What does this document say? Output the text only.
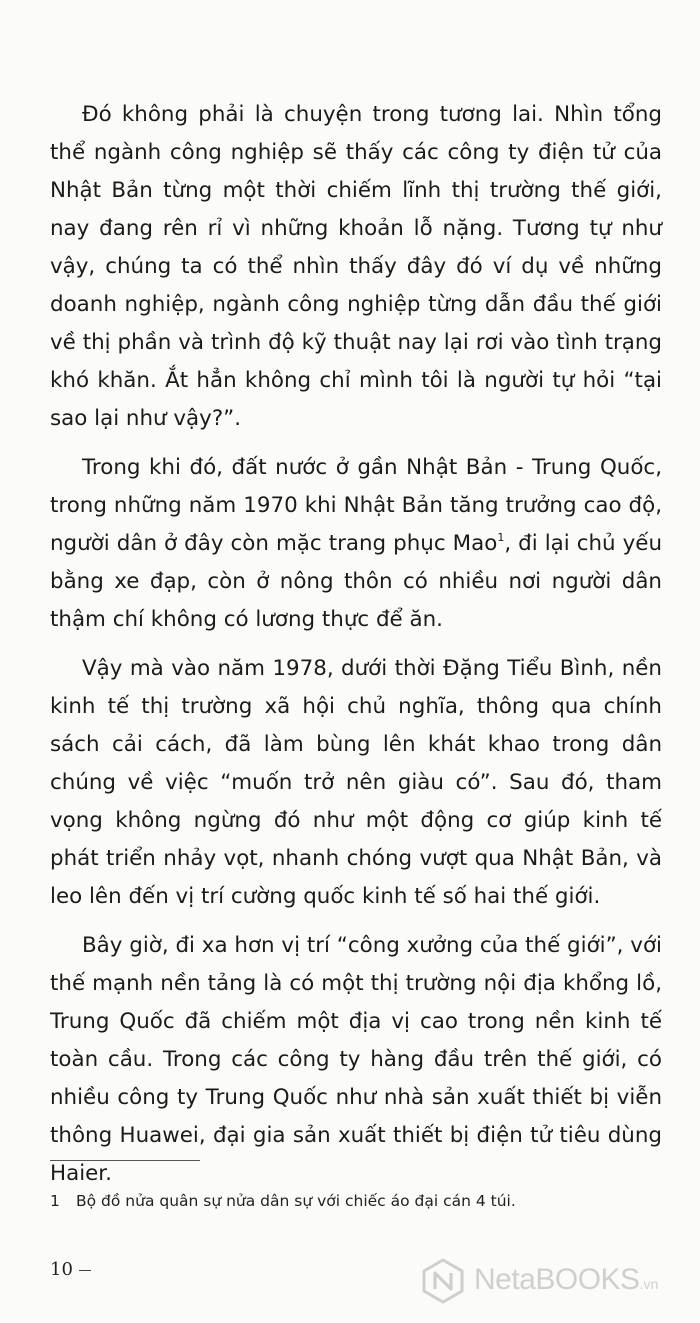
Đó không phải là chuyện trong tương lai. Nhìn tổng thể ngành công nghiệp sẽ thấy các công ty điện tử của Nhật Bản từng một thời chiếm lĩnh thị trường thế giới, nay đang rên rỉ vì những khoản lỗ nặng. Tương tự như vậy, chúng ta có thể nhìn thấy đây đó ví dụ về những doanh nghiệp, ngành công nghiệp từng dẫn đầu thế giới về thị phần và trình độ kỹ thuật nay lại rơi vào tình trạng khó khăn. Ắt hẳn không chỉ mình tôi là người tự hỏi “tại sao lại như vậy?”.

Trong khi đó, đất nước ở gần Nhật Bản - Trung Quốc, trong những năm 1970 khi Nhật Bản tăng trưởng cao độ, người dân ở đây còn mặc trang phục Mao$^1$, đi lại chủ yếu bằng xe đạp, còn ở nông thôn có nhiều nơi người dân thậm chí không có lương thực để ăn.

Vậy mà vào năm 1978, dưới thời Đặng Tiểu Bình, nền kinh tế thị trường xã hội chủ nghĩa, thông qua chính sách cải cách, đã làm bùng lên khát khao trong dân chúng về việc “muốn trở nên giàu có”. Sau đó, tham vọng không ngừng đó như một động cơ giúp kinh tế phát triển nhảy vọt, nhanh chóng vượt qua Nhật Bản, và leo lên đến vị trí cường quốc kinh tế số hai thế giới.

Bây giờ, đi xa hơn vị trí “công xưởng của thế giới”, với thế mạnh nền tảng là có một thị trường nội địa khổng lồ, Trung Quốc đã chiếm một địa vị cao trong nền kinh tế toàn cầu. Trong các công ty hàng đầu trên thế giới, có nhiều công ty Trung Quốc như nhà sản xuất thiết bị viễn thông Huawei, đại gia sản xuất thiết bị điện tử tiêu dùng Haier.

1 Bộ đồ nửa quân sự nửa dân sự với chiếc áo đại cán 4 túi.
10	NetaBOOKS.vn
